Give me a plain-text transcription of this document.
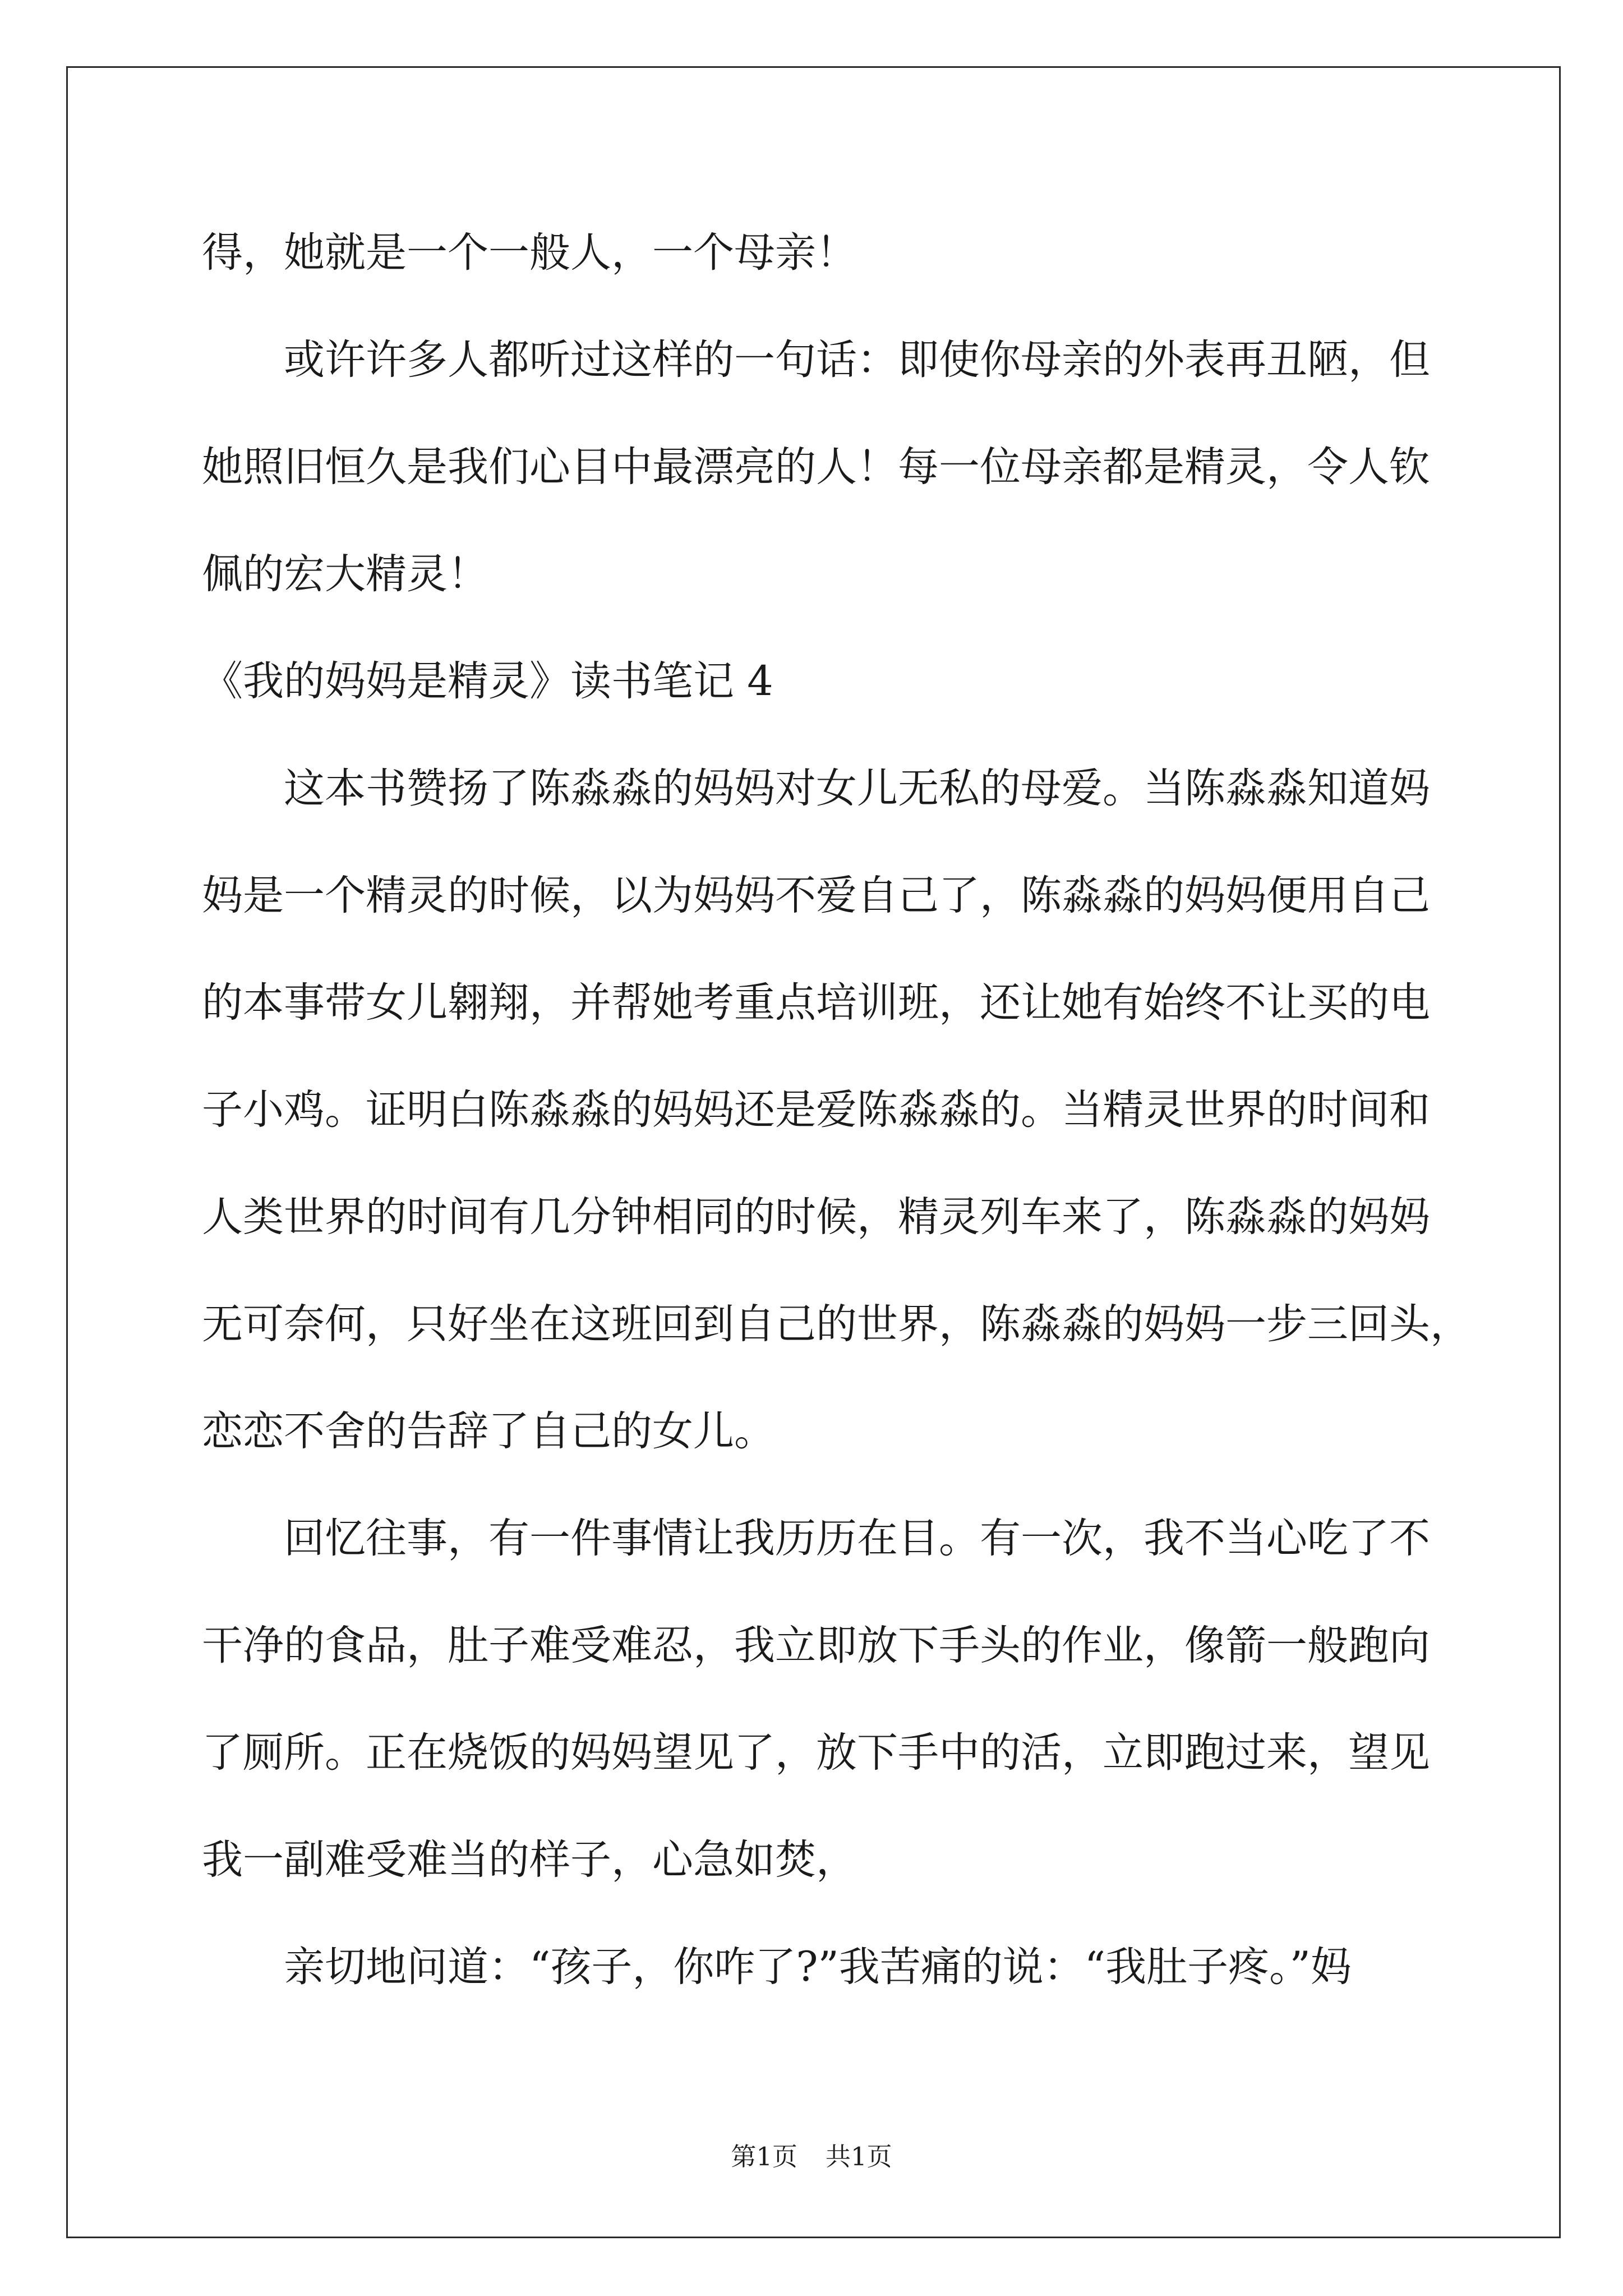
得，她就是一个一般人，一个母亲！
或许许多人都听过这样的一句话：即使你母亲的外表再丑陋，但
她照旧恒久是我们心目中最漂亮的人！每一位母亲都是精灵，令人钦
佩的宏大精灵！
《我的妈妈是精灵》读书笔记 4
这本书赞扬了陈淼淼的妈妈对女儿无私的母爱。当陈淼淼知道妈
妈是一个精灵的时候，以为妈妈不爱自己了，陈淼淼的妈妈便用自己
的本事带女儿翱翔，并帮她考重点培训班，还让她有始终不让买的电
子小鸡。证明白陈淼淼的妈妈还是爱陈淼淼的。当精灵世界的时间和
人类世界的时间有几分钟相同的时候，精灵列车来了，陈淼淼的妈妈
无可奈何，只好坐在这班回到自己的世界，陈淼淼的妈妈一步三回头，
恋恋不舍的告辞了自己的女儿。
回忆往事，有一件事情让我历历在目。有一次，我不当心吃了不
干净的食品，肚子难受难忍，我立即放下手头的作业，像箭一般跑向
了厕所。正在烧饭的妈妈望见了，放下手中的活，立即跑过来，望见
我一副难受难当的样子，心急如焚，
亲切地问道：“孩子，你咋了?”我苦痛的说：“我肚子疼。”妈
第1页 共1页
